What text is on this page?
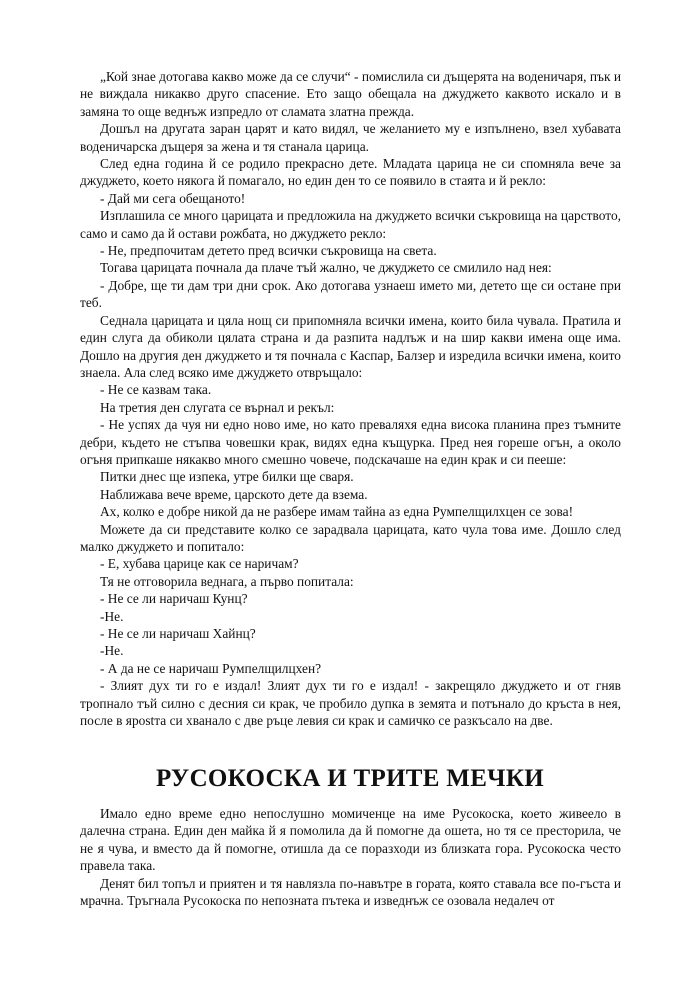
„Кой знае дотогава какво може да се случи“ - помислила си дъщерята на воденичаря, пък и не виждала никакво друго спасение. Ето защо обещала на джуджето каквото искало и в замяна то още веднъж изпредло от сламата златна прежда.

Дошъл на другата заран царят и като видял, че желанието му е изпълнено, взел хубавата воденичарска дъщеря за жена и тя станала царица.

След една година й се родило прекрасно дете. Младата царица не си спомняла вече за джуджето, което някога й помагало, но един ден то се появило в стаята и й рекло:

- Дай ми сега обещаното!

Изплашила се много царицата и предложила на джуджето всички съкровища на царството, само и само да й остави рожбата, но джуджето рекло:

- Не, предпочитам детето пред всички съкровища на света.

Тогава царицата почнала да плаче тъй жално, че джуджето се смилило над нея:

- Добре, ще ти дам три дни срок. Ако дотогава узнаеш името ми, детето ще си остане при теб.

Седнала царицата и цяла нощ си припомняла всички имена, които била чувала. Пратила и един слуга да обиколи цялата страна и да разпита надлъж и на шир какви имена още има. Дошло на другия ден джуджето и тя почнала с Каспар, Балзер и изредила всички имена, които знаела. Ала след всяко име джуджето отвръщало:

- Не се казвам така.

На третия ден слугата се върнал и рекъл:

- Не успях да чуя ни едно ново име, но като преваляхя една висока планина през тъмните дебри, където не стъпва човешки крак, видях една къщурка. Пред нея гореше огън, а около огъня припкаше някакво много смешно човече, подскачаше на един крак и си пееше:

Питки днес ще изпека, утре билки ще сваря.

Наближава вече време, царското дете да взема.

Ах, колко е добре никой да не разбере имам тайна аз една Румпелщилхцен се зова!

Можете да си представите колко се зарадвала царицата, като чула това име. Дошло след малко джуджето и попитало:

- Е, хубава царице как се наричам?

Тя не отговорила веднага, а първо попитала:

- Не се ли наричаш Кунц?

-Не.

- Не се ли наричаш Хайнц?

-Не.

- А да не се наричаш Румпелщилцхен?

- Злият дух ти го е издал! Злият дух ти го е издал! - закрещяло джуджето и от гняв тропнало тъй силно с десния си крак, че пробило дупка в земята и потънало до кръста в нея, после в ярostта си хванало с две ръце левия си крак и самичко се разкъсало на две.

РУСОКОСКА И ТРИТЕ МЕЧКИ

Имало едно време едно непослушно момиченце на име Русокоска, което живеело в далечна страна. Един ден майка й я помолила да й помогне да ошета, но тя се престорила, че не я чува, и вместо да й помогне, отишла да се поразходи из близката гора. Русокоска често правела така.

Денят бил топъл и приятен и тя навлязла по-навътре в гората, която ставала все по-гъста и мрачна. Тръгнала Русокоска по непозната пътека и изведнъж се озовала недалеч от
